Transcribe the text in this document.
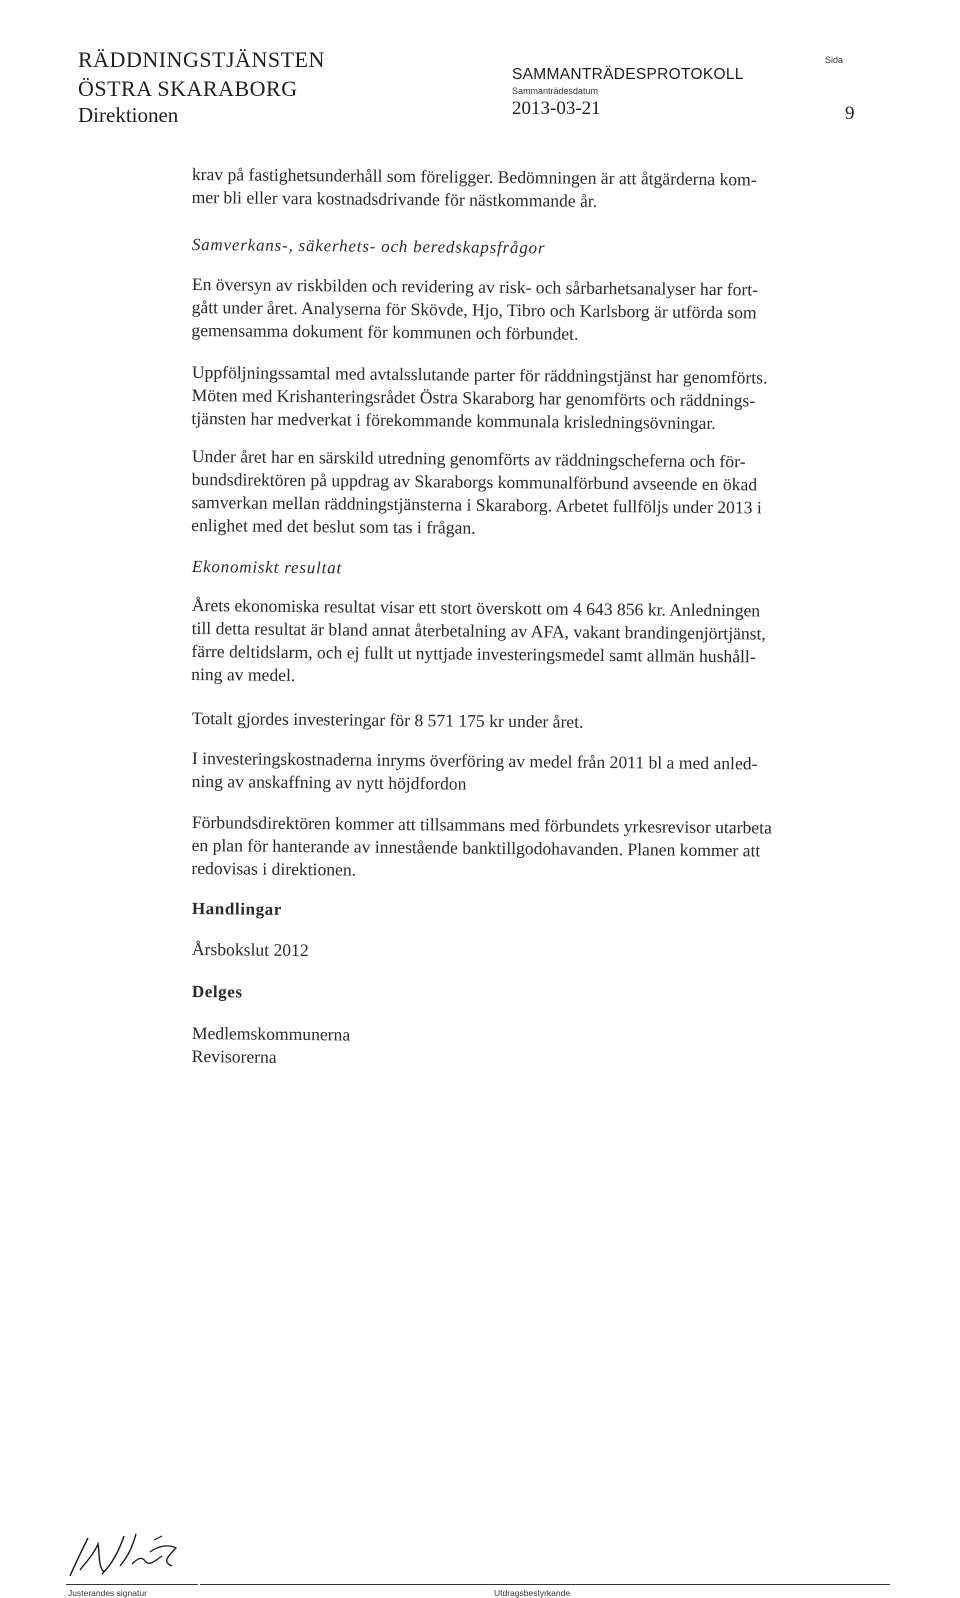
RÄDDNINGSTJÄNSTEN
ÖSTRA SKARABORG
Direktionen
SAMMANTRÄDESPROTOKOLL
Sammanträdesdatum
2013-03-21
Sida
9
krav på fastighetsunderhåll som föreligger. Bedömningen är att åtgärderna kom-
mer bli eller vara kostnadsdrivande för nästkommande år.
Samverkans-, säkerhets- och beredskapsfrågor
En översyn av riskbilden och revidering av risk- och sårbarhetsanalyser har fort-
gått under året. Analyserna för Skövde, Hjo, Tibro och Karlsborg är utförda som
gemensamma dokument för kommunen och förbundet.
Uppföljningssamtal med avtalsslutande parter för räddningstjänst har genomförts.
Möten med Krishanteringsrådet Östra Skaraborg har genomförts och räddnings-
tjänsten har medverkat i förekommande kommunala krisledningsövningar.
Under året har en särskild utredning genomförts av räddningscheferna och för-
bundsdirektören på uppdrag av Skaraborgs kommunalförbund avseende en ökad
samverkan mellan räddningstjänsterna i Skaraborg. Arbetet fullföljs under 2013 i
enlighet med det beslut som tas i frågan.
Ekonomiskt resultat
Årets ekonomiska resultat visar ett stort överskott om 4 643 856 kr. Anledningen
till detta resultat är bland annat återbetalning av AFA, vakant brandingenjörtjänst,
färre deltidslarm, och ej fullt ut nyttjade investeringsmedel samt allmän hushåll-
ning av medel.
Totalt gjordes investeringar för 8 571 175 kr under året.
I investeringskostnaderna inryms överföring av medel från 2011 bl a med anled-
ning av anskaffning av nytt höjdfordon
Förbundsdirektören kommer att tillsammans med förbundets yrkesrevisor utarbeta
en plan för hanterande av innestående banktillgodohavanden. Planen kommer att
redovisas i direktionen.
Handlingar
Årsbokslut 2012
Delges
Medlemskommunerna
Revisorerna
Justerandes signatur	Utdragsbestyrkande
